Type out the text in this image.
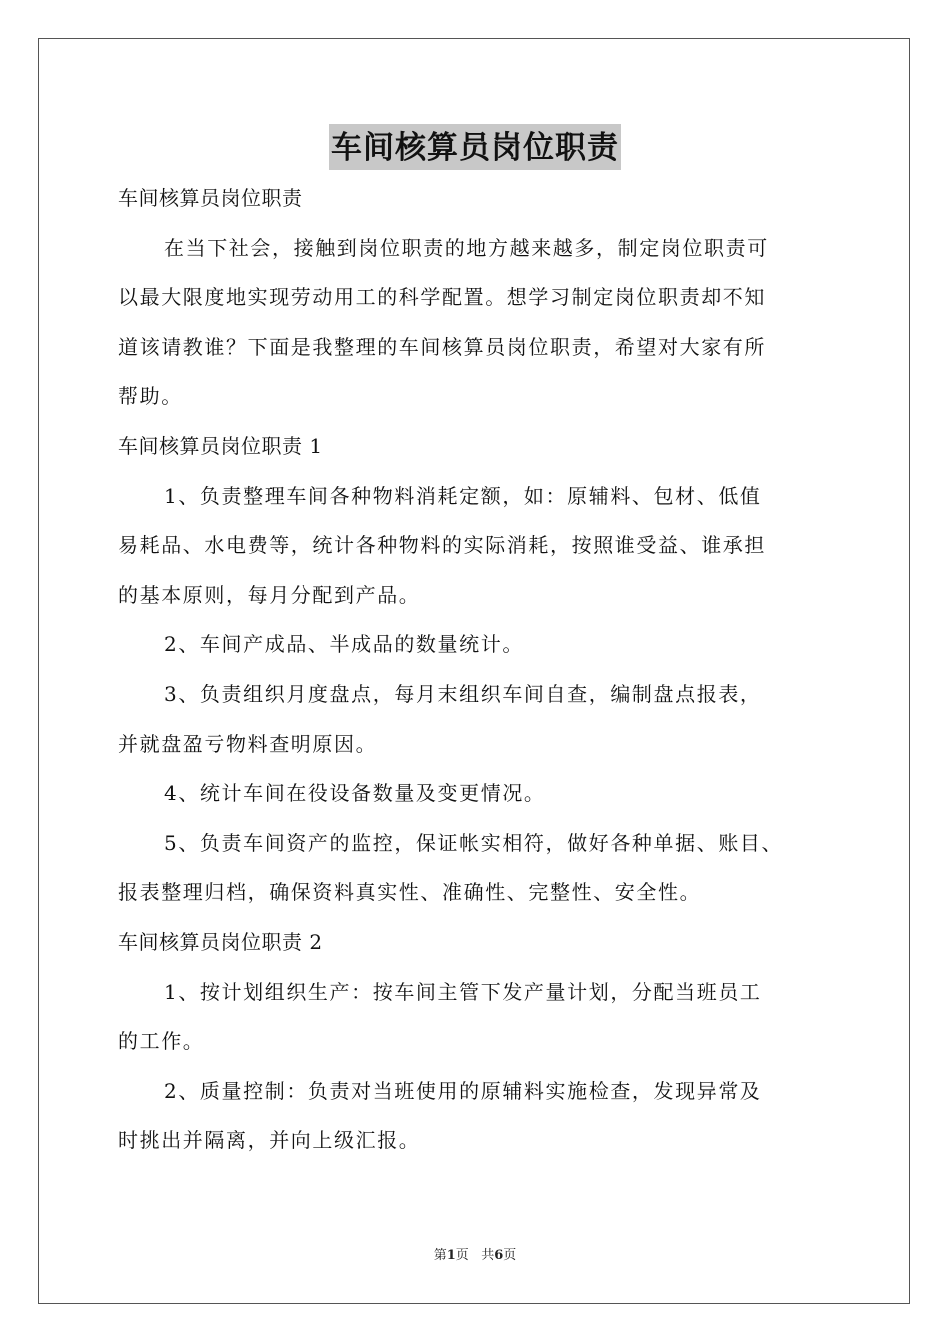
车间核算员岗位职责
车间核算员岗位职责
在当下社会，接触到岗位职责的地方越来越多，制定岗位职责可
以最大限度地实现劳动用工的科学配置。想学习制定岗位职责却不知
道该请教谁？下面是我整理的车间核算员岗位职责，希望对大家有所
帮助。
车间核算员岗位职责 1
1、负责整理车间各种物料消耗定额，如：原辅料、包材、低值
易耗品、水电费等，统计各种物料的实际消耗，按照谁受益、谁承担
的基本原则，每月分配到产品。
2、车间产成品、半成品的数量统计。
3、负责组织月度盘点，每月末组织车间自查，编制盘点报表，
并就盘盈亏物料查明原因。
4、统计车间在役设备数量及变更情况。
5、负责车间资产的监控，保证帐实相符，做好各种单据、账目、
报表整理归档，确保资料真实性、准确性、完整性、安全性。
车间核算员岗位职责 2
1、按计划组织生产：按车间主管下发产量计划，分配当班员工
的工作。
2、质量控制：负责对当班使用的原辅料实施检查，发现异常及
时挑出并隔离，并向上级汇报。
第1页 共6页
